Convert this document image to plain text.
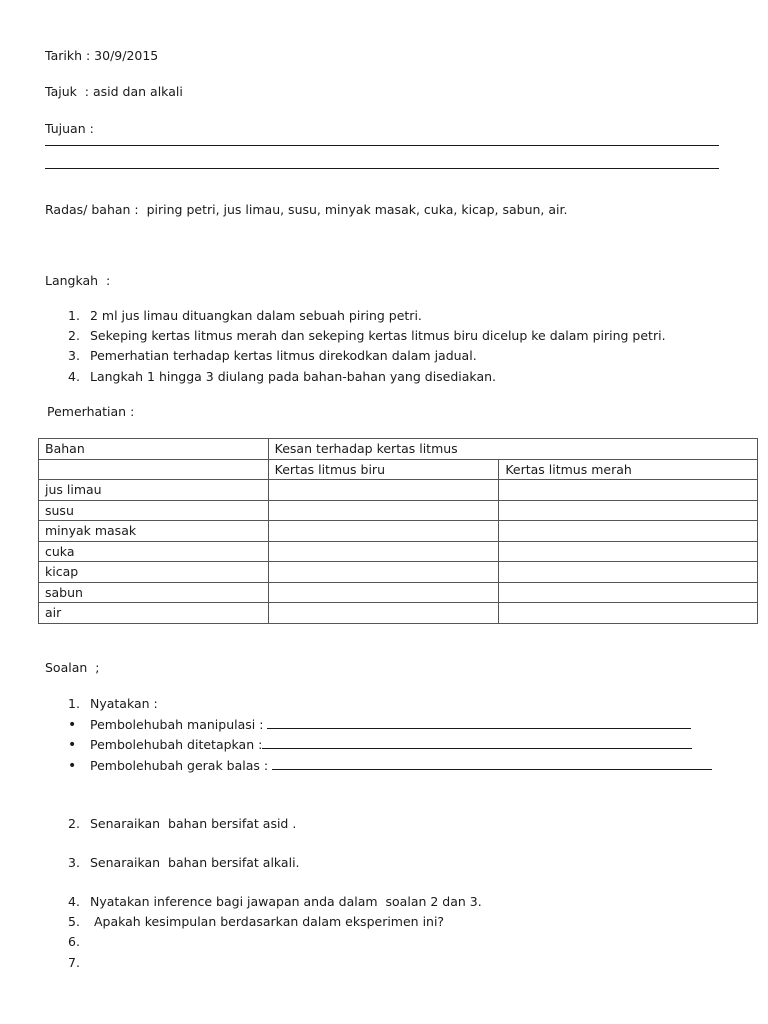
Tarikh : 30/9/2015
Tajuk  : asid dan alkali
Tujuan :
Radas/ bahan :  piring petri, jus limau, susu, minyak masak, cuka, kicap, sabun, air.
Langkah  :
1. 2 ml jus limau dituangkan dalam sebuah piring petri.
2. Sekeping kertas litmus merah dan sekeping kertas litmus biru dicelup ke dalam piring petri.
3. Pemerhatian terhadap kertas litmus direkodkan dalam jadual.
4. Langkah 1 hingga 3 diulang pada bahan-bahan yang disediakan.
Pemerhatian :
Bahan	Kesan terhadap kertas litmus	
	Kertas litmus biru	Kertas litmus merah
jus limau		
susu		
minyak masak		
cuka		
kicap		
sabun		
air		
Soalan  ;
1. Nyatakan :
• Pembolehubah manipulasi :
• Pembolehubah ditetapkan :
• Pembolehubah gerak balas :
2. Senaraikan  bahan bersifat asid .
3. Senaraikan  bahan bersifat alkali.
4. Nyatakan inference bagi jawapan anda dalam  soalan 2 dan 3.
5. Apakah kesimpulan berdasarkan dalam eksperimen ini?
6.
7.
